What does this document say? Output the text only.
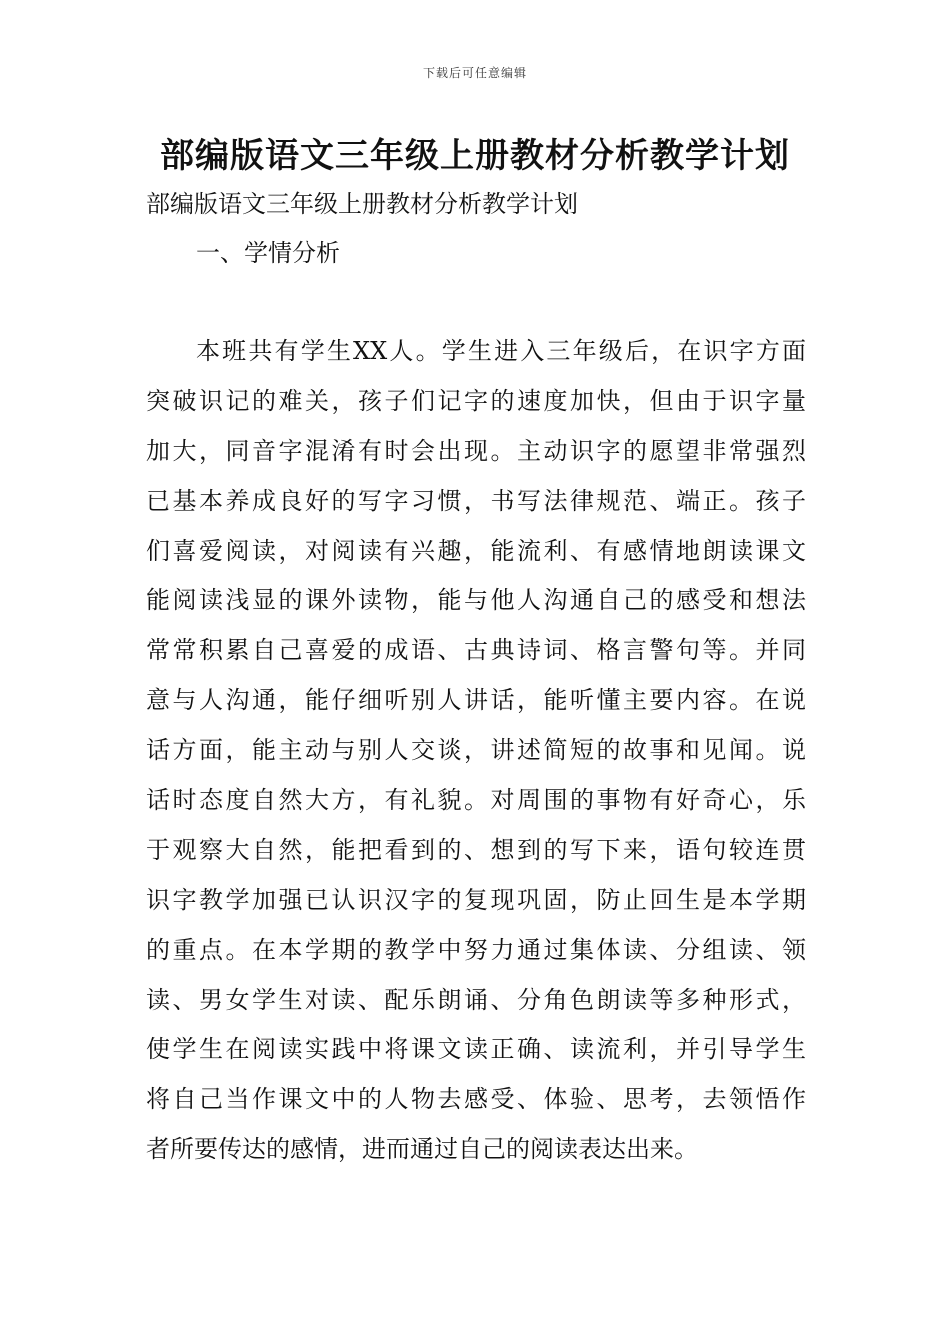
下载后可任意编辑
部编版语文三年级上册教材分析教学计划

部编版语文三年级上册教材分析教学计划

一、学情分析

本班共有学生XX人。学生进入三年级后，在识字方面
突破识记的难关，孩子们记字的速度加快，但由于识字量
加大，同音字混淆有时会出现。主动识字的愿望非常强烈
已基本养成良好的写字习惯，书写法律规范、端正。孩子
们喜爱阅读，对阅读有兴趣，能流利、有感情地朗读课文
能阅读浅显的课外读物，能与他人沟通自己的感受和想法
常常积累自己喜爱的成语、古典诗词、格言警句等。并同
意与人沟通，能仔细听别人讲话，能听懂主要内容。在说
话方面，能主动与别人交谈，讲述简短的故事和见闻。说
话时态度自然大方，有礼貌。对周围的事物有好奇心，乐
于观察大自然，能把看到的、想到的写下来，语句较连贯
识字教学加强已认识汉字的复现巩固，防止回生是本学期
的重点。在本学期的教学中努力通过集体读、分组读、领
读、男女学生对读、配乐朗诵、分角色朗读等多种形式，
使学生在阅读实践中将课文读正确、读流利，并引导学生
将自己当作课文中的人物去感受、体验、思考，去领悟作
者所要传达的感情，进而通过自己的阅读表达出来。
